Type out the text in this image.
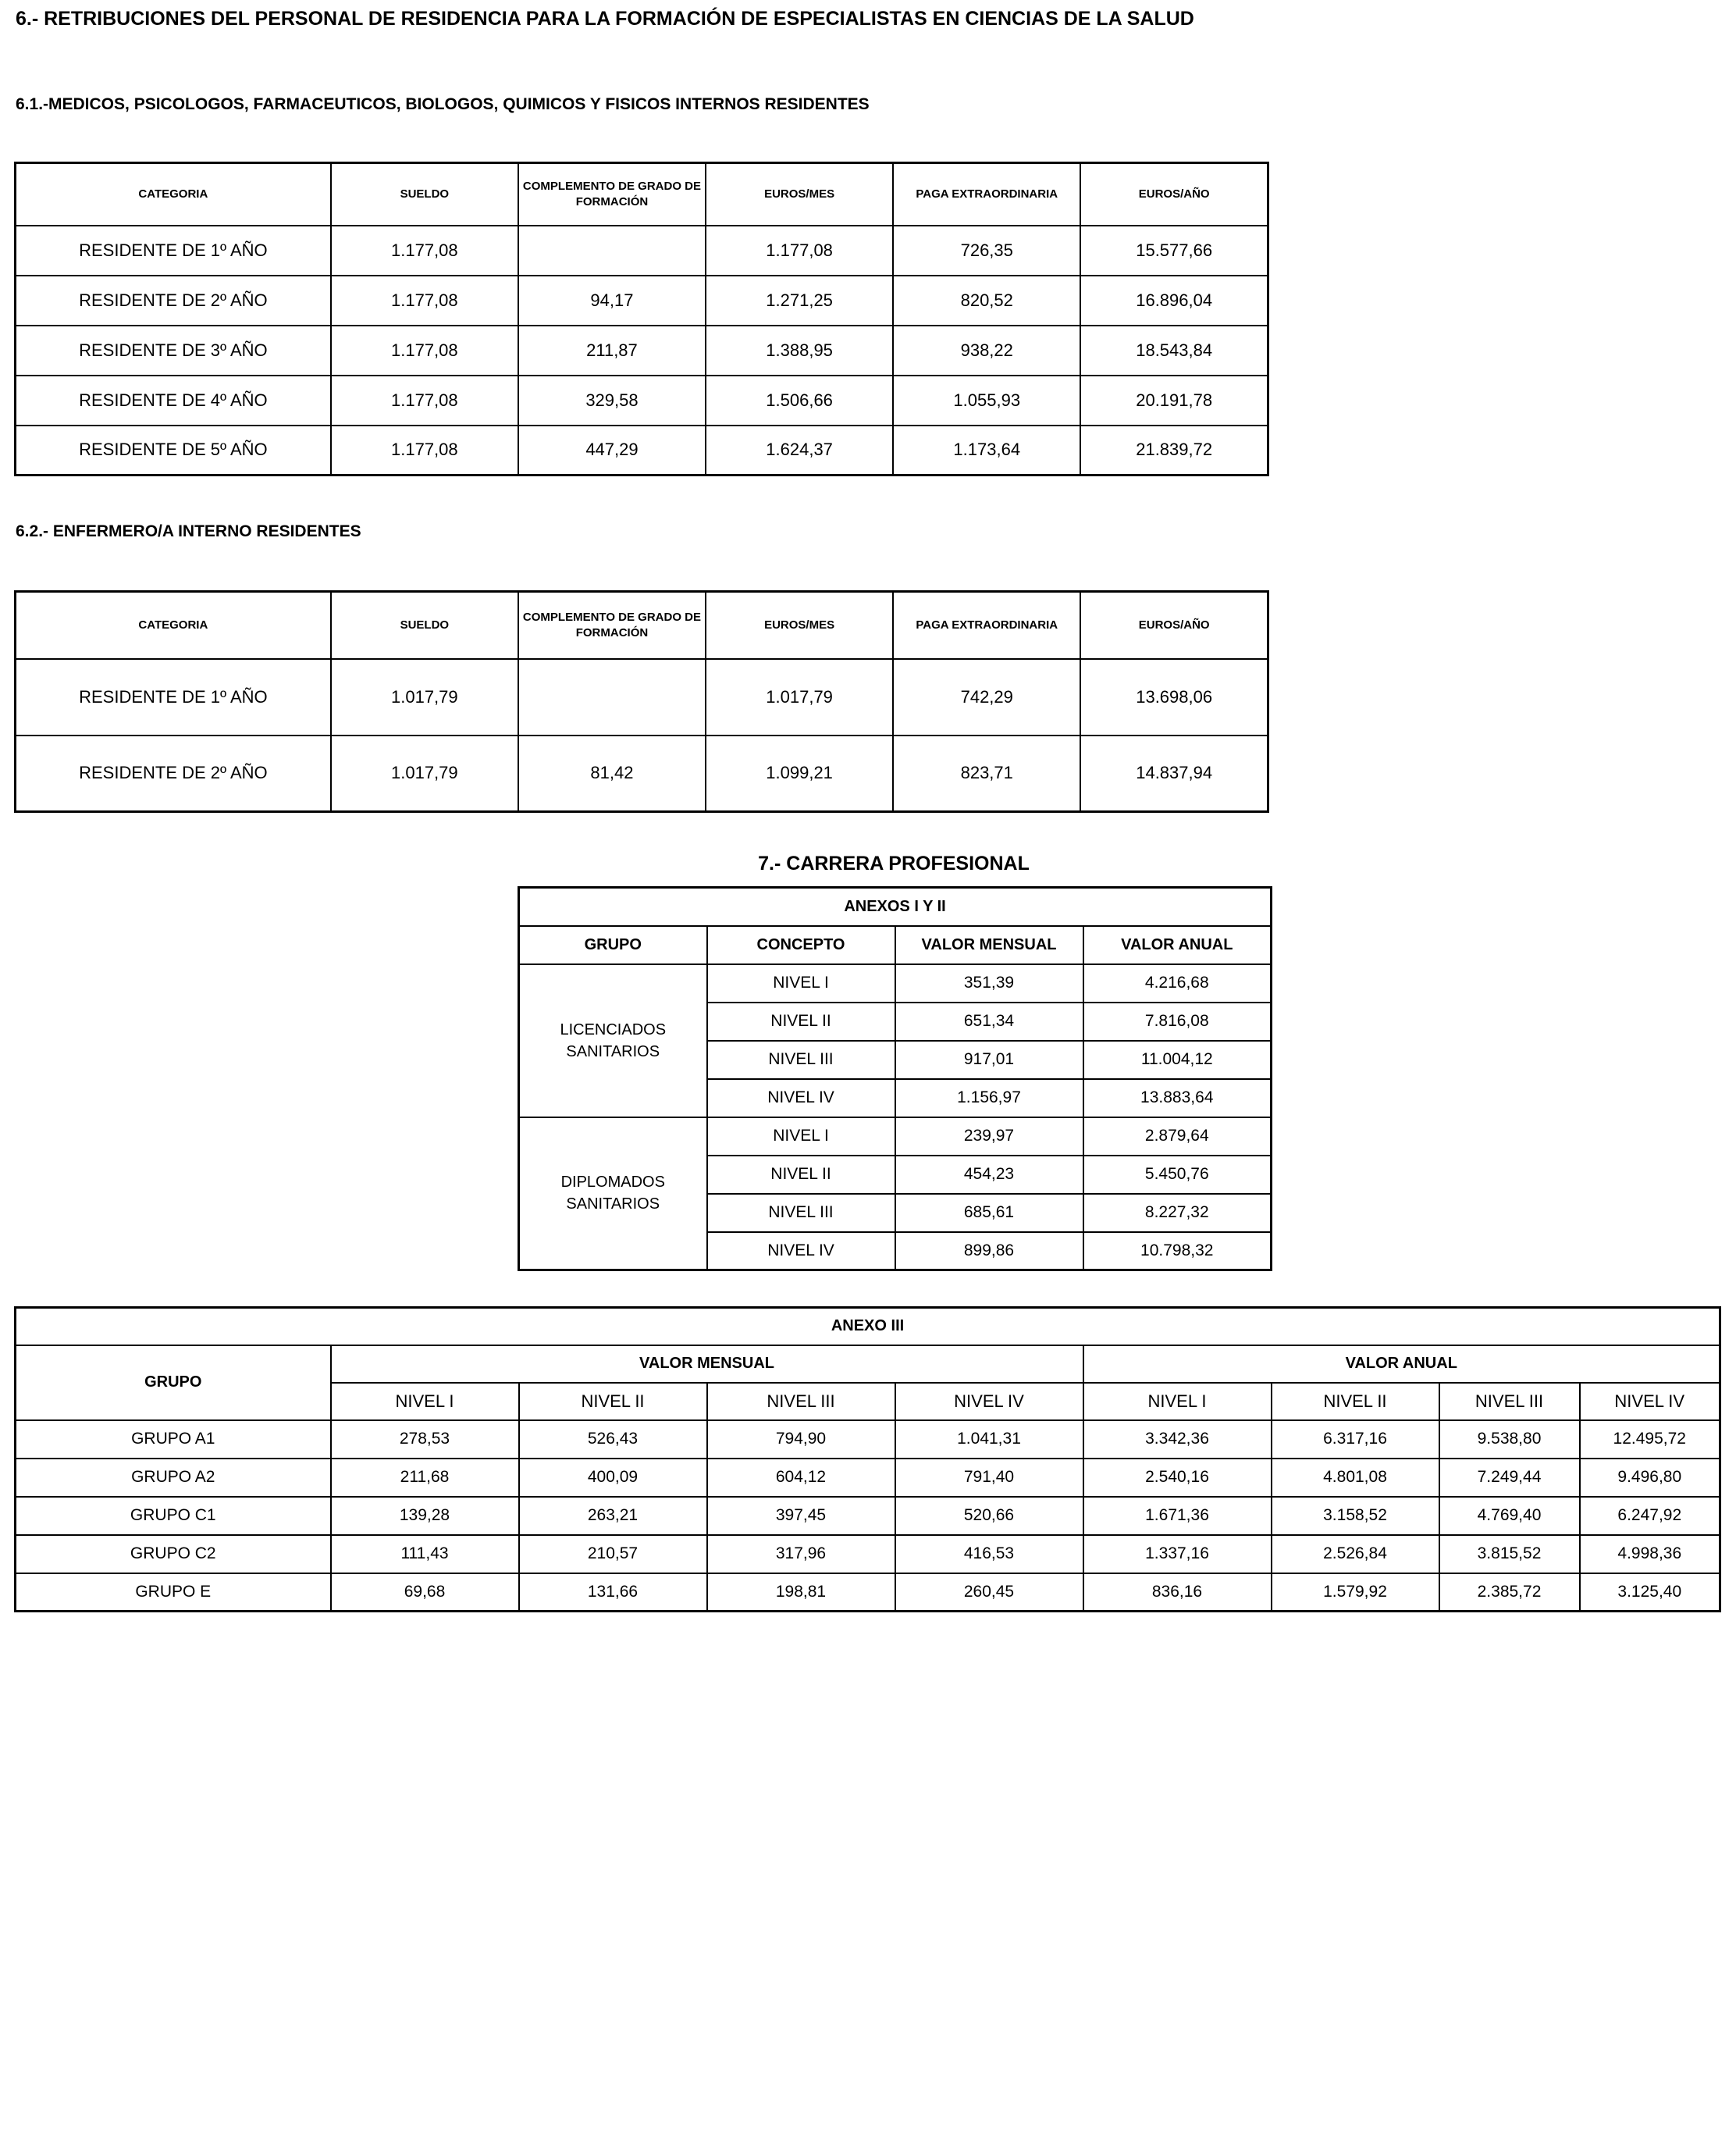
6.- RETRIBUCIONES DEL PERSONAL DE RESIDENCIA PARA LA FORMACIÓN DE ESPECIALISTAS EN CIENCIAS DE LA SALUD
6.1.-MEDICOS, PSICOLOGOS, FARMACEUTICOS, BIOLOGOS, QUIMICOS Y FISICOS INTERNOS RESIDENTES
CATEGORIA	SUELDO	COMPLEMENTO DE GRADO DE FORMACIÓN	EUROS/MES	PAGA EXTRAORDINARIA	EUROS/AÑO
RESIDENTE DE 1º AÑO	1.177,08		1.177,08	726,35	15.577,66
RESIDENTE DE 2º AÑO	1.177,08	94,17	1.271,25	820,52	16.896,04
RESIDENTE DE 3º AÑO	1.177,08	211,87	1.388,95	938,22	18.543,84
RESIDENTE DE 4º AÑO	1.177,08	329,58	1.506,66	1.055,93	20.191,78
RESIDENTE DE 5º AÑO	1.177,08	447,29	1.624,37	1.173,64	21.839,72
6.2.- ENFERMERO/A INTERNO RESIDENTES
CATEGORIA	SUELDO	COMPLEMENTO DE GRADO DE FORMACIÓN	EUROS/MES	PAGA EXTRAORDINARIA	EUROS/AÑO
RESIDENTE DE 1º AÑO	1.017,79		1.017,79	742,29	13.698,06
RESIDENTE DE 2º AÑO	1.017,79	81,42	1.099,21	823,71	14.837,94
7.- CARRERA PROFESIONAL
ANEXOS I Y II			
GRUPO	CONCEPTO	VALOR MENSUAL	VALOR ANUAL
LICENCIADOS SANITARIOS	NIVEL I	351,39	4.216,68
	NIVEL II	651,34	7.816,08
	NIVEL III	917,01	11.004,12
	NIVEL IV	1.156,97	13.883,64
DIPLOMADOS SANITARIOS	NIVEL I	239,97	2.879,64
	NIVEL II	454,23	5.450,76
	NIVEL III	685,61	8.227,32
	NIVEL IV	899,86	10.798,32
ANEXO III								
GRUPO	VALOR MENSUAL				VALOR ANUAL			
	NIVEL I	NIVEL II	NIVEL III	NIVEL IV	NIVEL I	NIVEL II	NIVEL III	NIVEL IV
GRUPO A1	278,53	526,43	794,90	1.041,31	3.342,36	6.317,16	9.538,80	12.495,72
GRUPO A2	211,68	400,09	604,12	791,40	2.540,16	4.801,08	7.249,44	9.496,80
GRUPO C1	139,28	263,21	397,45	520,66	1.671,36	3.158,52	4.769,40	6.247,92
GRUPO C2	111,43	210,57	317,96	416,53	1.337,16	2.526,84	3.815,52	4.998,36
GRUPO E	69,68	131,66	198,81	260,45	836,16	1.579,92	2.385,72	3.125,40
